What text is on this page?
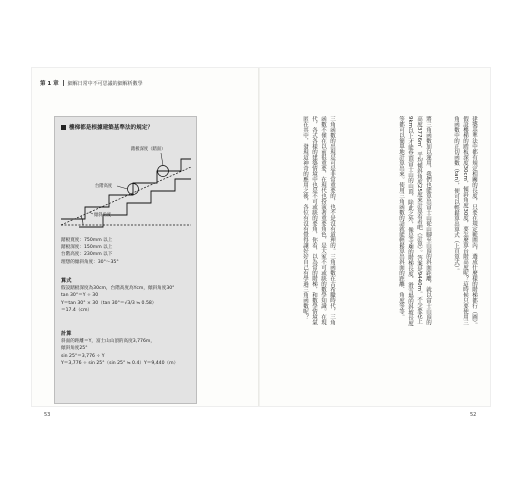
第 1 章 細解日常中不可思議的細解析數學
樓梯都是根據建築基準法的規定？
踏板深度（踏面）
台階高度
傾斜角度
踏板寬度：750mm 以上
踏板深度：150mm 以上
台階高度：230mm 以下
理想的傾斜角度：30°～35°
算式
假設踏板深度為30cm，台階高度為Ycm，傾斜角度30°
tan 30°＝Y ÷ 30
Y＝tan 30° × 30（tan 30°＝√3/3 ≒ 0.58）
＝17.4（cm）
計算
斜面的距離＝Y，富士山山頂的高度3,776m，
傾斜角度25°
sin 25°＝3,776 ÷ Y
Y＝3,776 ÷ sin 25°（sin 25° ≒ 0.4）Y＝9,440（m）
建築基準法中都有規定相關的長度，只要在規定範圍內，選成什麼樣的階梯都行（圖）。假設樓梯的踏板深度30cm，傾斜角度30度，要怎麼算台階高度呢？這時候只要使用三角函數中的正切函數（tan），便可以輕鬆算出算式（上頁算式）。
將三角函數加以運用，我們也能算出富士山從山腳至山頂的斜面距離，就以富士山頂的高度3776m，平均傾斜角度25度來計算看看吧（計算）。答案是9440m。不少要花上9km以上才能登頂富士山的山頂，除此之外，像是寺廟的階梯長度、滑雪場的斜坡長度等都可以簡單地計算出來。使用三角函數的話就能輕鬆算出斜面的距離、角度等等。
三角函數的出現是可是非常重要的，也不是沒有道理的。三角函數在古希臘時代，三角函數不僅在以前很重要，在現代也扮演著重要角色，是大家不可或缺的數學知識。在現代，各式各樣的建築情境中也是不可或缺的要角，你看，以為常的階梯，和數學情境氣匿在其中，發現這神奇的應用之後，各位有沒有覺得讓好好自己有學過三角函數呢？
53	52
